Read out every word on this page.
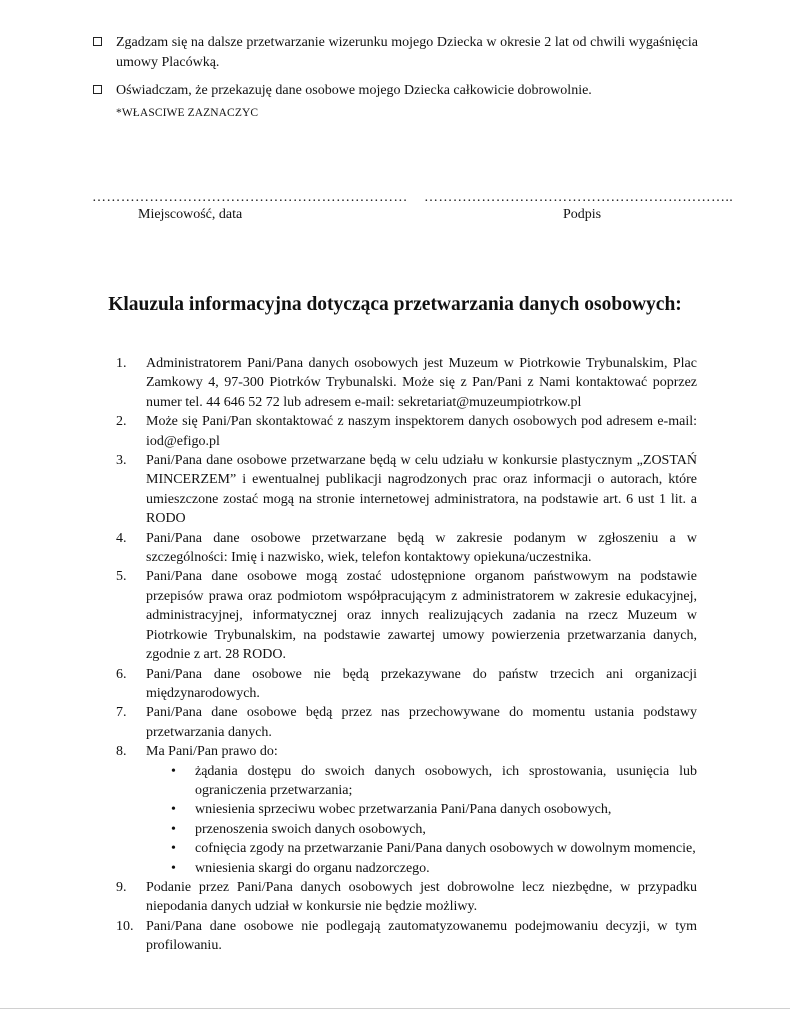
Zgadzam się na dalsze przetwarzanie wizerunku mojego Dziecka w okresie 2 lat od chwili wygaśnięcia umowy Placówką.
Oświadczam, że przekazuję dane osobowe mojego Dziecka całkowicie dobrowolnie.
*WŁASCIWE ZAZNACZYC
………………………………………………………… ………………………………………………………..
Miejscowość, data	Podpis
Klauzula informacyjna dotycząca przetwarzania danych osobowych:
1. Administratorem Pani/Pana danych osobowych jest Muzeum w Piotrkowie Trybunalskim, Plac Zamkowy 4, 97-300 Piotrków Trybunalski. Może się z Pan/Pani z Nami kontaktować poprzez numer tel. 44 646 52 72 lub adresem e-mail: sekretariat@muzeumpiotrkow.pl
2. Może się Pani/Pan skontaktować z naszym inspektorem danych osobowych pod adresem e-mail: iod@efigo.pl
3. Pani/Pana dane osobowe przetwarzane będą w celu udziału w konkursie plastycznym „ZOSTAŃ MINCERZEM” i ewentualnej publikacji nagrodzonych prac oraz informacji o autorach, które umieszczone zostać mogą na stronie internetowej administratora, na podstawie art. 6 ust 1 lit. a RODO
4. Pani/Pana dane osobowe przetwarzane będą w zakresie podanym w zgłoszeniu a w szczególności: Imię i nazwisko, wiek, telefon kontaktowy opiekuna/uczestnika.
5. Pani/Pana dane osobowe mogą zostać udostępnione organom państwowym na podstawie przepisów prawa oraz podmiotom współpracującym z administratorem w zakresie edukacyjnej, administracyjnej, informatycznej oraz innych realizujących zadania na rzecz Muzeum w Piotrkowie Trybunalskim, na podstawie zawartej umowy powierzenia przetwarzania danych, zgodnie z art. 28 RODO.
6. Pani/Pana dane osobowe nie będą przekazywane do państw trzecich ani organizacji międzynarodowych.
7. Pani/Pana dane osobowe będą przez nas przechowywane do momentu ustania podstawy przetwarzania danych.
8. Ma Pani/Pan prawo do:
• żądania dostępu do swoich danych osobowych, ich sprostowania, usunięcia lub ograniczenia przetwarzania;
• wniesienia sprzeciwu wobec przetwarzania Pani/Pana danych osobowych,
• przenoszenia swoich danych osobowych,
• cofnięcia zgody na przetwarzanie Pani/Pana danych osobowych w dowolnym momencie,
• wniesienia skargi do organu nadzorczego.
9. Podanie przez Pani/Pana danych osobowych jest dobrowolne lecz niezbędne, w przypadku niepodania danych udział w konkursie nie będzie możliwy.
10. Pani/Pana dane osobowe nie podlegają zautomatyzowanemu podejmowaniu decyzji, w tym profilowaniu.
